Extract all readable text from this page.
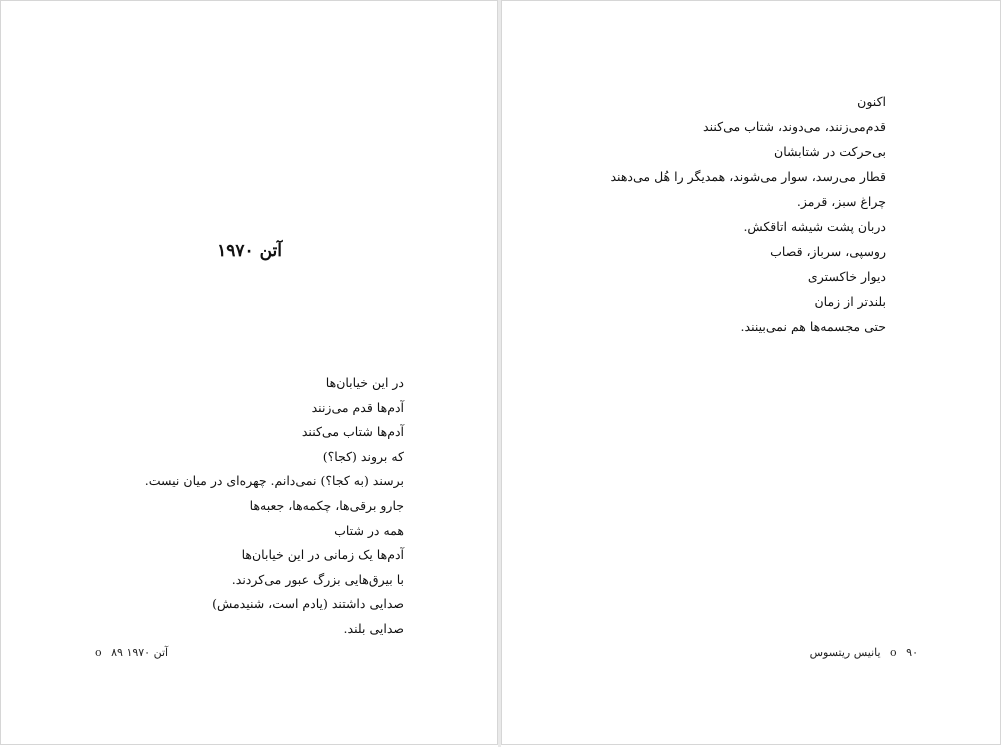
آتن ۱۹۷۰
در این خیابان‌ها
آدم‌ها قدم می‌زنند
آدم‌ها شتاب می‌کنند
که بروند (کجا؟)
برسند (به کجا؟) نمی‌دانم. چهره‌ای در میان نیست.
جارو برقی‌ها، چکمه‌ها، جعبه‌ها
همه در شتاب
آدم‌ها یک زمانی در این خیابان‌ها
با بیرق‌هایی بزرگ عبور می‌کردند.
صدایی داشتند (یادم است، شنیدمش)
صدایی بلند.
آتن ۱۹۷۰ ο ۸۹
اکنون
قدم‌می‌زنند، می‌دوند، شتاب می‌کنند
بی‌حرکت در شتابشان
قطار می‌رسد، سوار می‌شوند، همدیگر را هُل می‌دهند
چراغ سبز، قرمز.
دربان پشت شیشه اتاقکش.
روسپی، سرباز، قصاب
دیوار خاکستری
بلندتر از زمان
حتی مجسمه‌ها هم نمی‌بینند.
۹۰ ο یانیس ریتسوس
